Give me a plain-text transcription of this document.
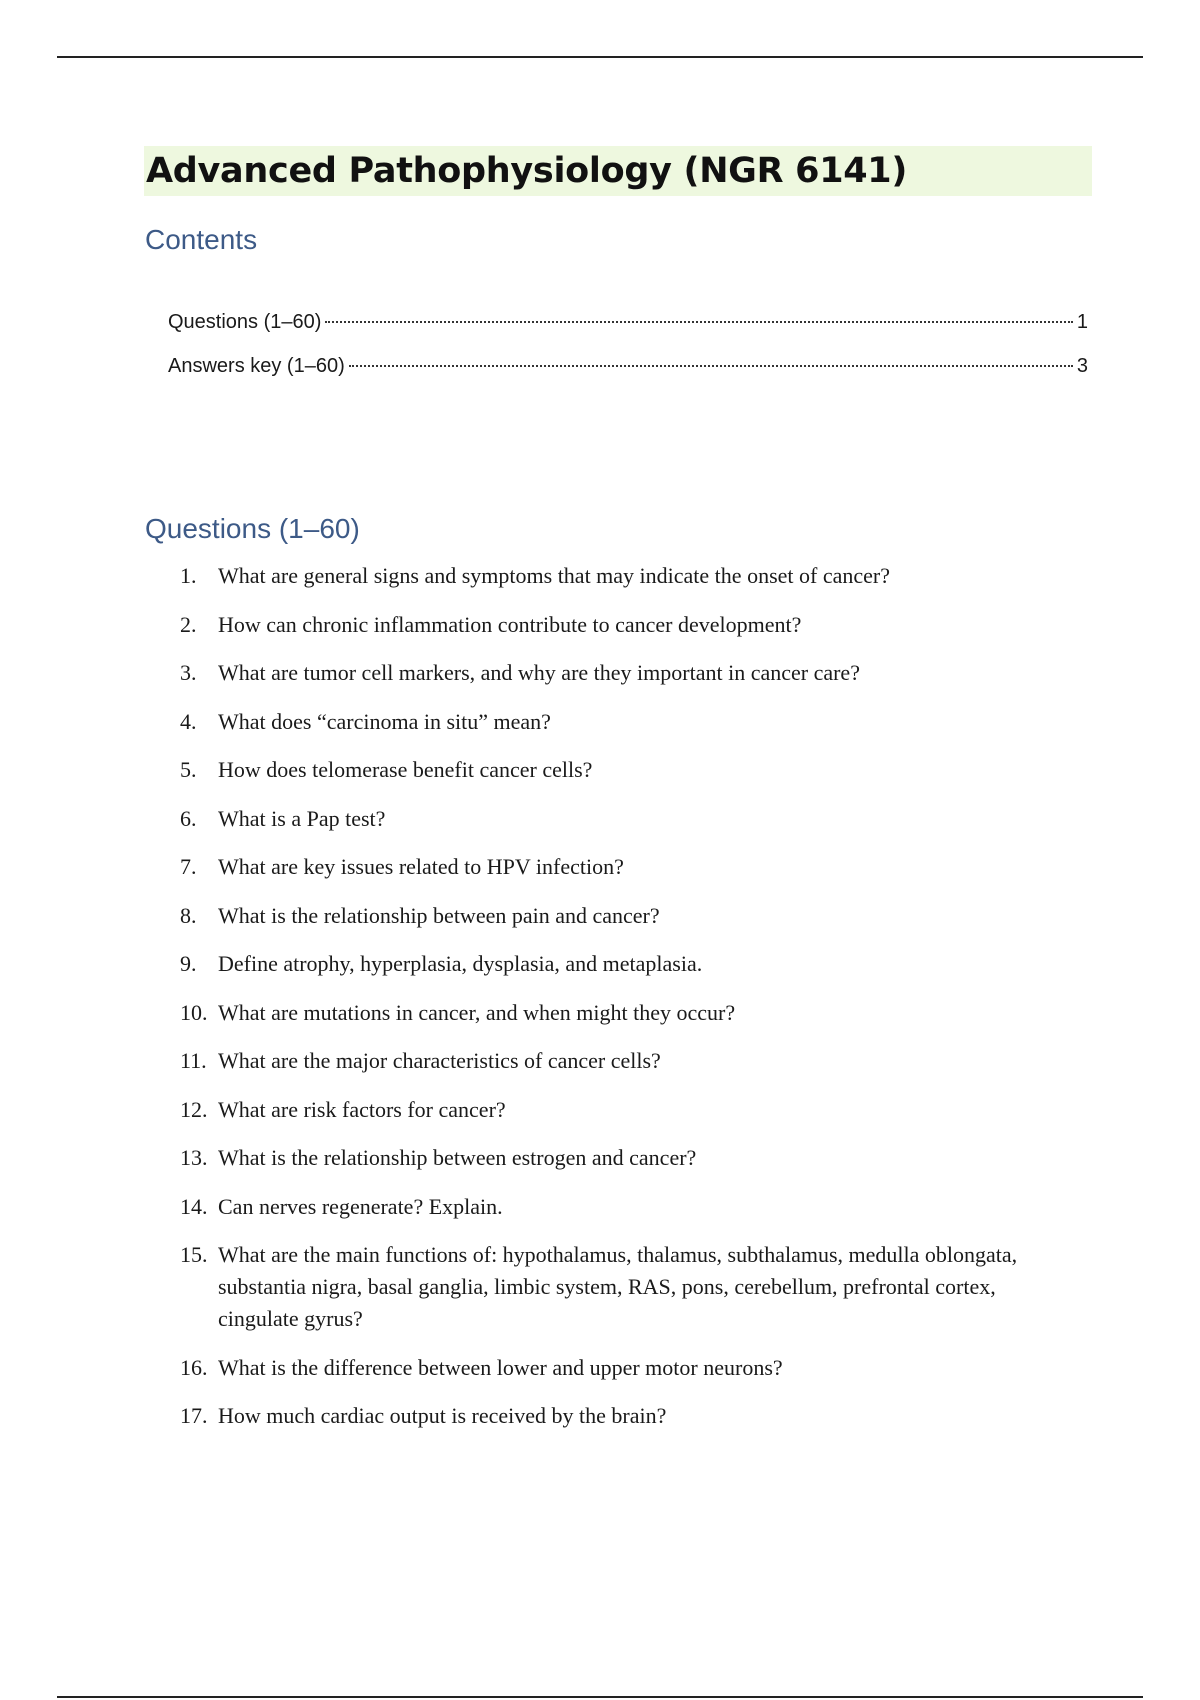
Advanced Pathophysiology (NGR 6141)
Contents
Questions (1–60)	1
Answers key (1–60)	3
Questions (1–60)
1. What are general signs and symptoms that may indicate the onset of cancer?
2. How can chronic inflammation contribute to cancer development?
3. What are tumor cell markers, and why are they important in cancer care?
4. What does “carcinoma in situ” mean?
5. How does telomerase benefit cancer cells?
6. What is a Pap test?
7. What are key issues related to HPV infection?
8. What is the relationship between pain and cancer?
9. Define atrophy, hyperplasia, dysplasia, and metaplasia.
10. What are mutations in cancer, and when might they occur?
11. What are the major characteristics of cancer cells?
12. What are risk factors for cancer?
13. What is the relationship between estrogen and cancer?
14. Can nerves regenerate? Explain.
15. What are the main functions of: hypothalamus, thalamus, subthalamus, medulla oblongata, substantia nigra, basal ganglia, limbic system, RAS, pons, cerebellum, prefrontal cortex, cingulate gyrus?
16. What is the difference between lower and upper motor neurons?
17. How much cardiac output is received by the brain?
